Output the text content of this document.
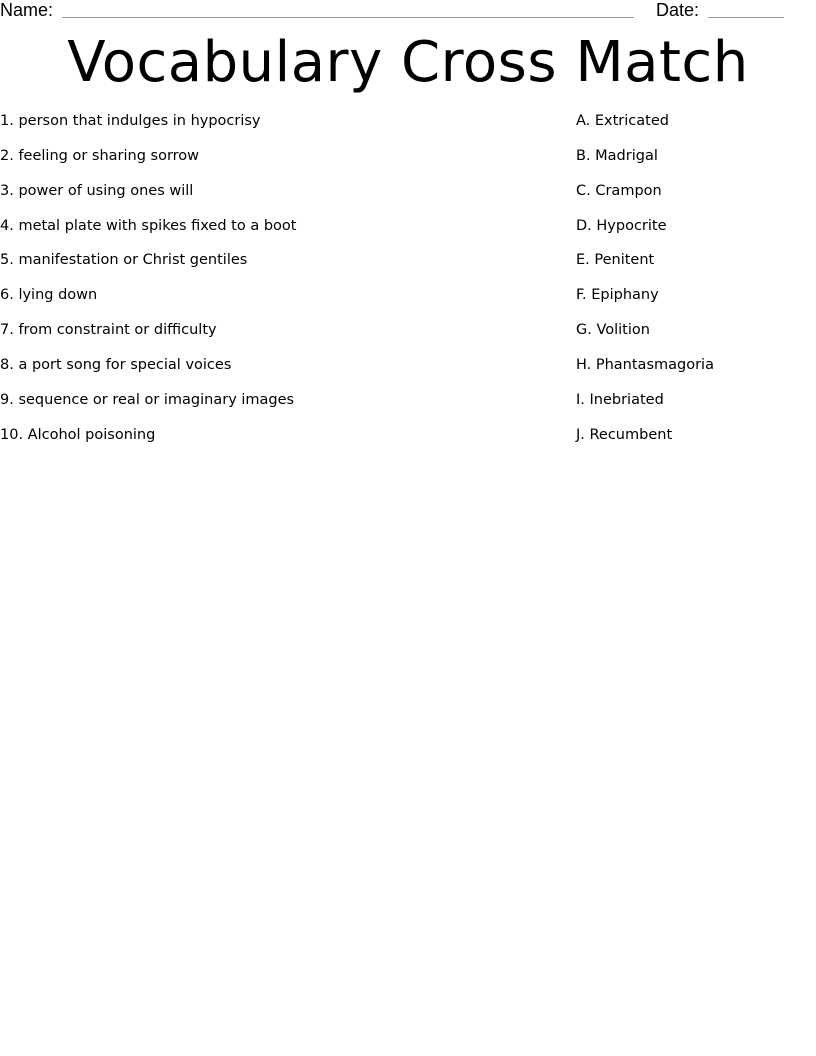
Name:	Date:
Vocabulary Cross Match
1. person that indulges in hypocrisy
2. feeling or sharing sorrow
3. power of using ones will
4. metal plate with spikes fixed to a boot
5. manifestation or Christ gentiles
6. lying down
7. from constraint or difficulty
8. a port song for special voices
9. sequence or real or imaginary images
10. Alcohol poisoning
A. Extricated
B. Madrigal
C. Crampon
D. Hypocrite
E. Penitent
F. Epiphany
G. Volition
H. Phantasmagoria
I. Inebriated
J. Recumbent
